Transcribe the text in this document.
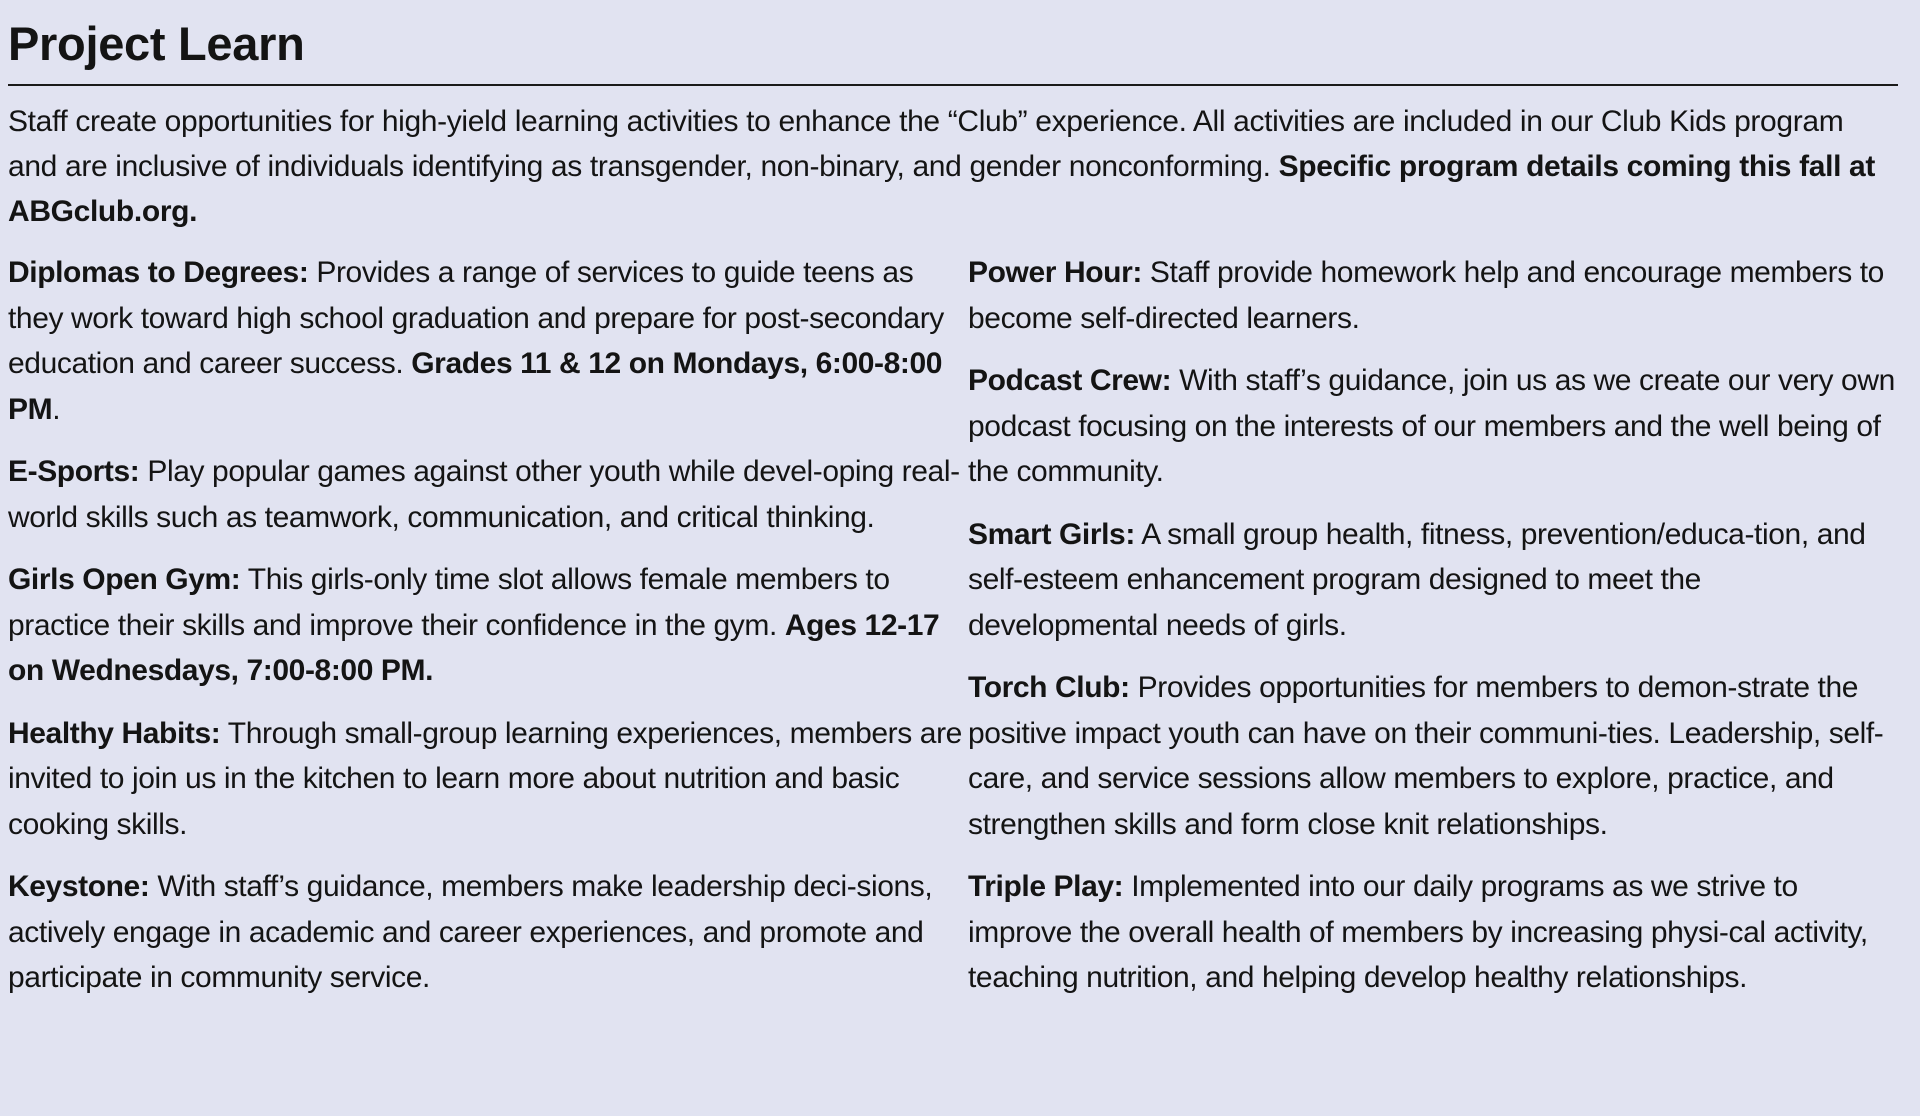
Project Learn

Staff create opportunities for high-yield learning activities to enhance the “Club” experience. All activities are included in our Club Kids program and are inclusive of individuals identifying as transgender, non-binary, and gender nonconforming. Specific program details coming this fall at ABGclub.org.

Diplomas to Degrees: Provides a range of services to guide teens as they work toward high school graduation and prepare for post-secondary education and career success. Grades 11 & 12 on Mondays, 6:00-8:00 PM.

E-Sports: Play popular games against other youth while devel-oping real-world skills such as teamwork, communication, and critical thinking.

Girls Open Gym: This girls-only time slot allows female members to practice their skills and improve their confidence in the gym. Ages 12-17 on Wednesdays, 7:00-8:00 PM.

Healthy Habits: Through small-group learning experiences, members are invited to join us in the kitchen to learn more about nutrition and basic cooking skills.

Keystone: With staff’s guidance, members make leadership deci-sions, actively engage in academic and career experiences, and promote and participate in community service.

Power Hour: Staff provide homework help and encourage members to become self-directed learners.

Podcast Crew: With staff’s guidance, join us as we create our very own podcast focusing on the interests of our members and the well being of the community.

Smart Girls: A small group health, fitness, prevention/educa-tion, and self-esteem enhancement program designed to meet the developmental needs of girls.

Torch Club: Provides opportunities for members to demon-strate the positive impact youth can have on their communi-ties. Leadership, self-care, and service sessions allow members to explore, practice, and strengthen skills and form close knit relationships.

Triple Play: Implemented into our daily programs as we strive to improve the overall health of members by increasing physi-cal activity, teaching nutrition, and helping develop healthy relationships.
